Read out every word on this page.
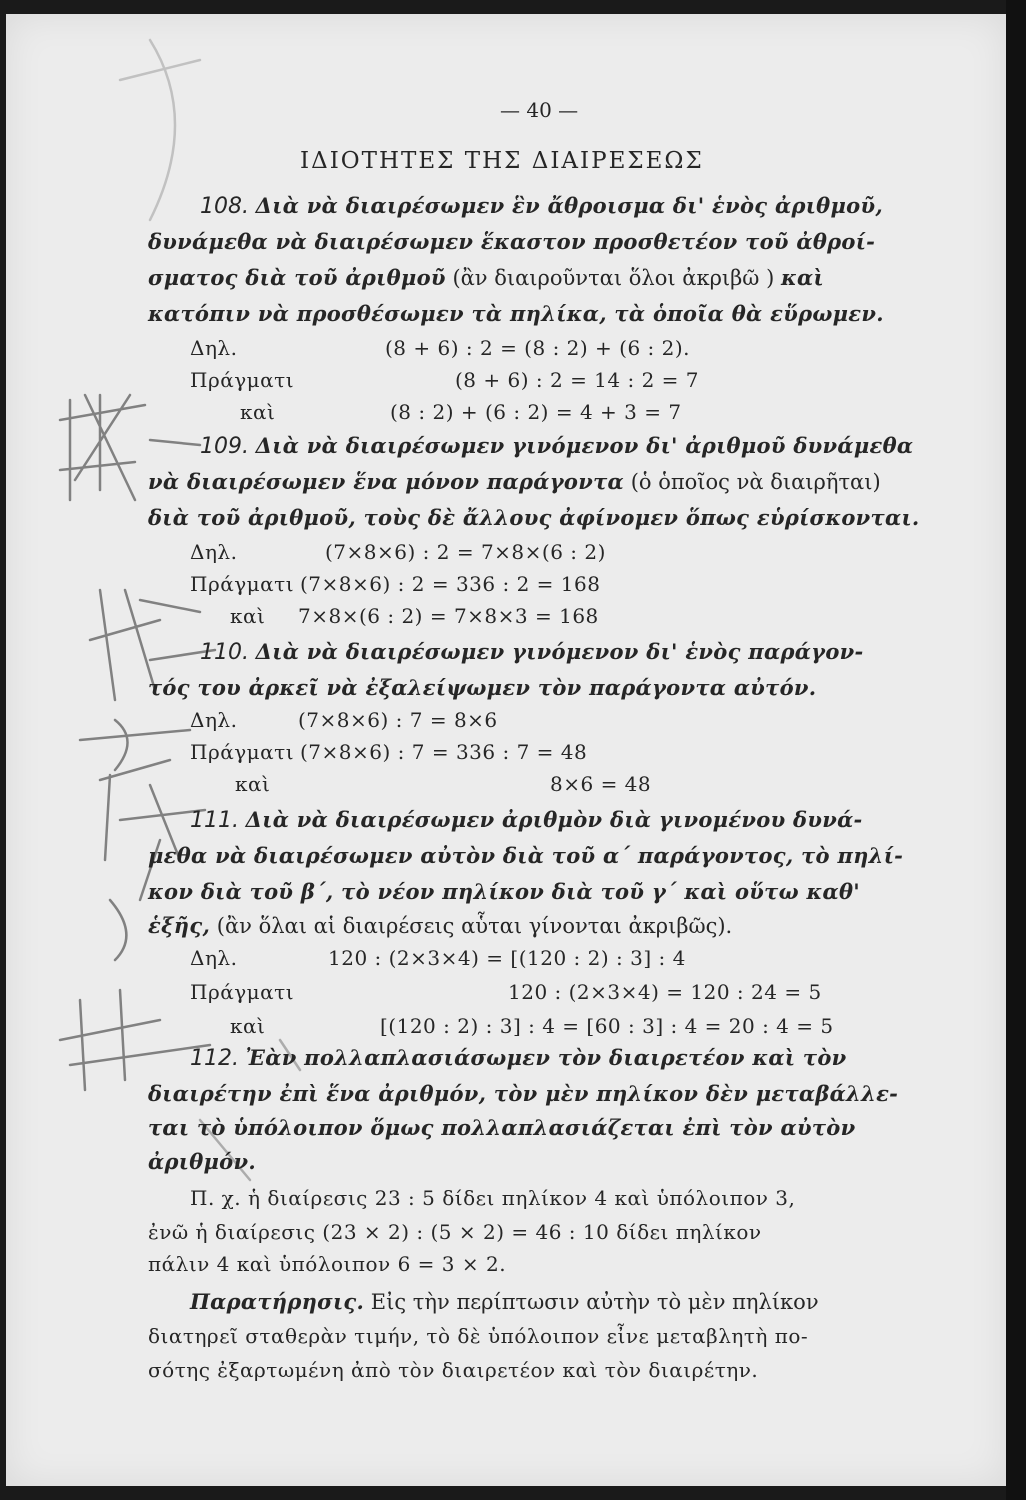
— 40 —
ΙΔΙΟΤΗΤΕΣ ΤΗΣ ΔΙΑΙΡΕΣΕΩΣ
108. Διὰ νὰ διαιρέσωμεν ἓν ἄθροισμα δι' ἑνὸς ἀριθμοῦ,
δυνάμεθα νὰ διαιρέσωμεν ἕκαστον προσθετέον τοῦ ἀθροί-
σματος διὰ τοῦ ἀριθμοῦ (ἂν διαιροῦνται ὅλοι ἀκριβῶ ) καὶ
κατόπιν νὰ προσθέσωμεν τὰ πηλίκα, τὰ ὁποῖα θὰ εὕρωμεν.
Δηλ.	(8 + 6) : 2 = (8 : 2) + (6 : 2).
Πράγματι	(8 + 6) : 2 = 14 : 2 = 7
καὶ	(8 : 2) + (6 : 2) = 4 + 3 = 7
109. Διὰ νὰ διαιρέσωμεν γινόμενον δι' ἀριθμοῦ δυνάμεθα
νὰ διαιρέσωμεν ἕνα μόνον παράγοντα (ὁ ὁποῖος νὰ διαιρῆται)
διὰ τοῦ ἀριθμοῦ, τοὺς δὲ ἄλλους ἀφίνομεν ὅπως εὑρίσκονται.
Δηλ.	(7×8×6) : 2 = 7×8×(6 : 2)
Πράγματι (7×8×6) : 2 = 336 : 2 = 168
καὶ 7×8×(6 : 2) = 7×8×3 = 168
110. Διὰ νὰ διαιρέσωμεν γινόμενον δι' ἑνὸς παράγον-
τός του ἀρκεῖ νὰ ἐξαλείψωμεν τὸν παράγοντα αὐτόν.
Δηλ.	(7×8×6) : 7 = 8×6
Πράγματι (7×8×6) : 7 = 336 : 7 = 48
καὶ	8×6 = 48
111. Διὰ νὰ διαιρέσωμεν ἀριθμὸν διὰ γινομένου δυνά-
μεθα νὰ διαιρέσωμεν αὐτὸν διὰ τοῦ α΄ παράγοντος, τὸ πηλί-
κον διὰ τοῦ β΄, τὸ νέον πηλίκον διὰ τοῦ γ΄ καὶ οὕτω καθ'
ἑξῆς, (ἂν ὅλαι αἱ διαιρέσεις αὗται γίνονται ἀκριβῶς).
Δηλ.	120 : (2×3×4) = [(120 : 2) : 3] : 4
Πράγματι	120 : (2×3×4) = 120 : 24 = 5
καὶ	[(120 : 2) : 3] : 4 = [60 : 3] : 4 = 20 : 4 = 5
112. Ἐὰν πολλαπλασιάσωμεν τὸν διαιρετέον καὶ τὸν
διαιρέτην ἐπὶ ἕνα ἀριθμόν, τὸν μὲν πηλίκον δὲν μεταβάλλε-
ται τὸ ὑπόλοιπον ὅμως πολλαπλασιάζεται ἐπὶ τὸν αὐτὸν
ἀριθμόν.
Π. χ. ἡ διαίρεσις 23 : 5 δίδει πηλίκον 4 καὶ ὑπόλοιπον 3,
ἐνῶ ἡ διαίρεσις (23 × 2) : (5 × 2) = 46 : 10 δίδει πηλίκον
πάλιν 4 καὶ ὑπόλοιπον 6 = 3 × 2.
Παρατήρησις. Εἰς τὴν περίπτωσιν αὐτὴν τὸ μὲν πηλίκον
διατηρεῖ σταθερὰν τιμήν, τὸ δὲ ὑπόλοιπον εἶνε μεταβλητὴ πο-
σότης ἐξαρτωμένη ἀπὸ τὸν διαιρετέον καὶ τὸν διαιρέτην.
